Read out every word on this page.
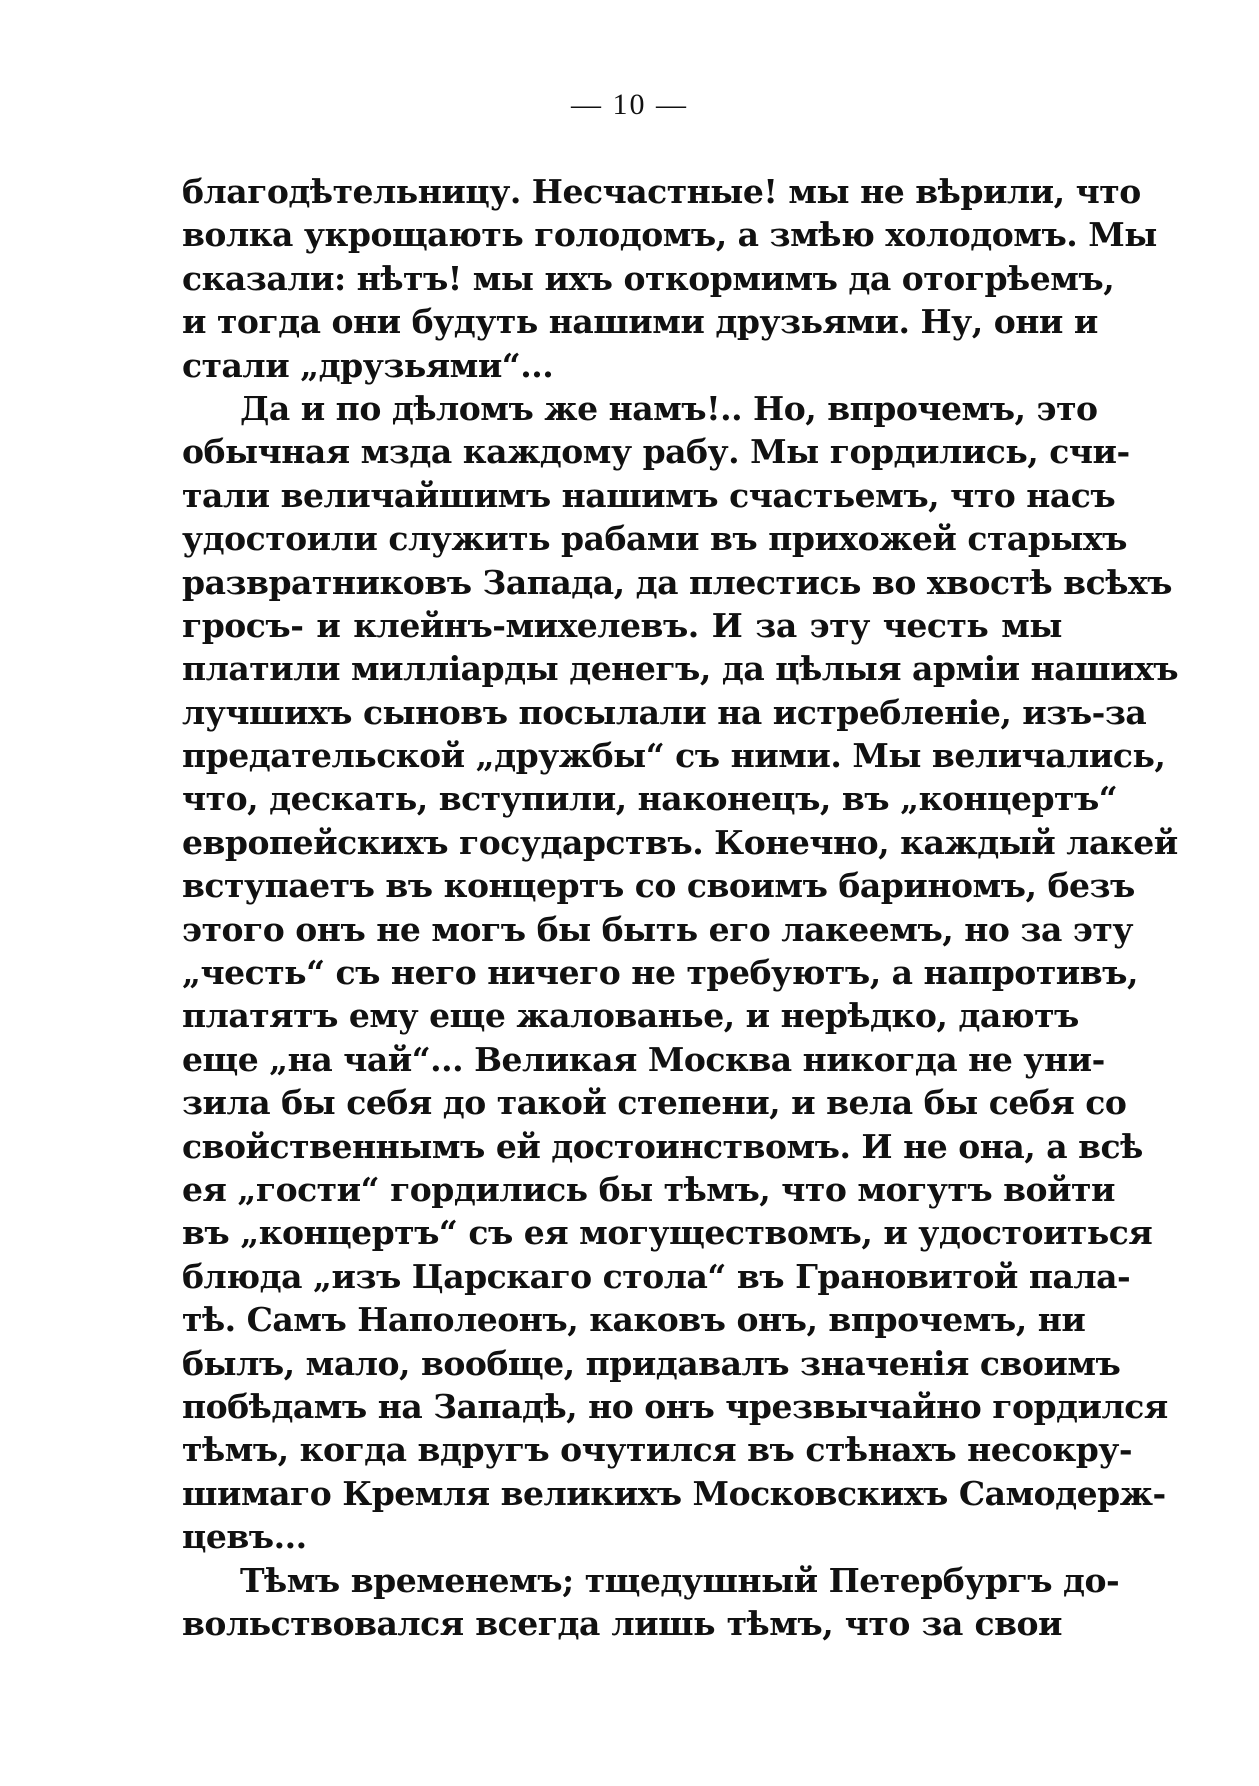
— 10 —
благодѣтельницу. Несчастные! мы не вѣрили, что
волка укрощають голодомъ, а змѣю холодомъ. Мы
сказали: нѣтъ! мы ихъ откормимъ да отогрѣемъ,
и тогда они будуть нашими друзьями. Ну, они и
стали „друзьями“...
Да и по дѣломъ же намъ!.. Но, впрочемъ, это
обычная мзда каждому рабу. Мы гордились, счи-
тали величайшимъ нашимъ счастьемъ, что насъ
удостоили служить рабами въ прихожей старыхъ
развратниковъ Запада, да плестись во хвостѣ всѣхъ
гросъ- и клейнъ-михелевъ. И за эту честь мы
платили милліарды денегъ, да цѣлыя арміи нашихъ
лучшихъ сыновъ посылали на истребленіе, изъ-за
предательской „дружбы“ съ ними. Мы величались,
что, дескать, вступили, наконецъ, въ „концертъ“
европейскихъ государствъ. Конечно, каждый лакей
вступаетъ въ концертъ со своимъ бариномъ, безъ
этого онъ не могъ бы быть его лакеемъ, но за эту
„честь“ съ него ничего не требуютъ, а напротивъ,
платятъ ему еще жалованье, и нерѣдко, даютъ
еще „на чай“... Великая Москва никогда не уни-
зила бы себя до такой степени, и вела бы себя со
свойственнымъ ей достоинствомъ. И не она, а всѣ
ея „гости“ гордились бы тѣмъ, что могутъ войти
въ „концертъ“ съ ея могуществомъ, и удостоиться
блюда „изъ Царскаго стола“ въ Грановитой пала-
тѣ. Самъ Наполеонъ, каковъ онъ, впрочемъ, ни
былъ, мало, вообще, придавалъ значенія своимъ
побѣдамъ на Западѣ, но онъ чрезвычайно гордился
тѣмъ, когда вдругъ очутился въ стѣнахъ несокру-
шимаго Кремля великихъ Московскихъ Самодерж-
цевъ...
Тѣмъ временемъ; тщедушный Петербургъ до-
вольствовался всегда лишь тѣмъ, что за свои
